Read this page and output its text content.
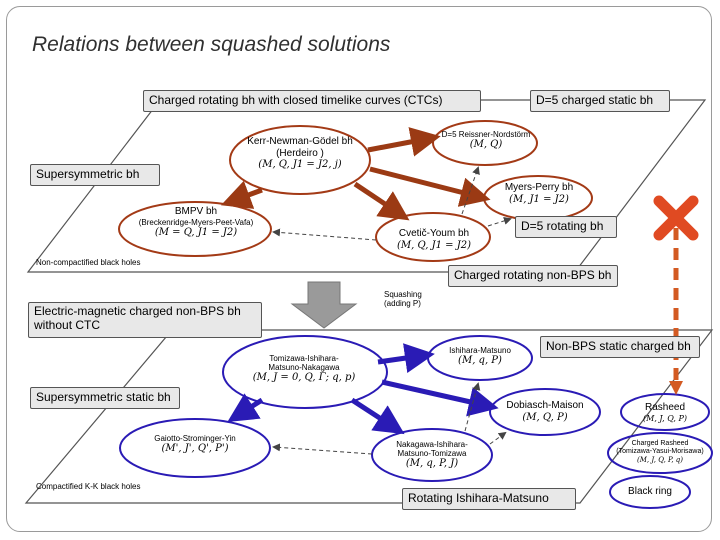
Relations between squashed solutions
Charged rotating bh with closed timelike curves (CTCs)	D=5 charged static bh
Supersymmetric bh
D=5 rotating bh
Charged rotating non-BPS bh
Electric-magnetic charged non-BPS bh
without CTC
Non-BPS static charged bh
Supersymmetric static bh
Rotating Ishihara-Matsuno
Non-compactified black holes
Compactified K-K black holes
Squashing
(adding P)
Kerr-Newman-Gödel bh
(Herdeiro )
(M, Q, J1 = J2, j)
D=5 Reissner-Nordstörm
(M, Q)
Myers-Perry bh
(M, J1 = J2)
BMPV bh
(Breckenridge-Myers-Peet-Vafa)
(M = Q, J1 = J2)	Cvetič-Youm bh
(M, Q, J1 = J2)
Tomizawa-Ishihara-
Matsuno-Nakagawa
(M, J = 0, Q, Γ; q, p)
Ishihara-Matsuno
(M, q, P)
Dobiasch-Maison
(M, Q, P)
Gaiotto-Strominger-Yin
(M', J', Q', P')	Nakagawa-Ishihara-
Matsuno-Tomizawa
(M, q, P, J)
Rasheed
(M, J, Q, P)
Charged Rasheed
(Tomizawa-Yasui-Morisawa)
(M, J, Q, P, q)
Black ring
